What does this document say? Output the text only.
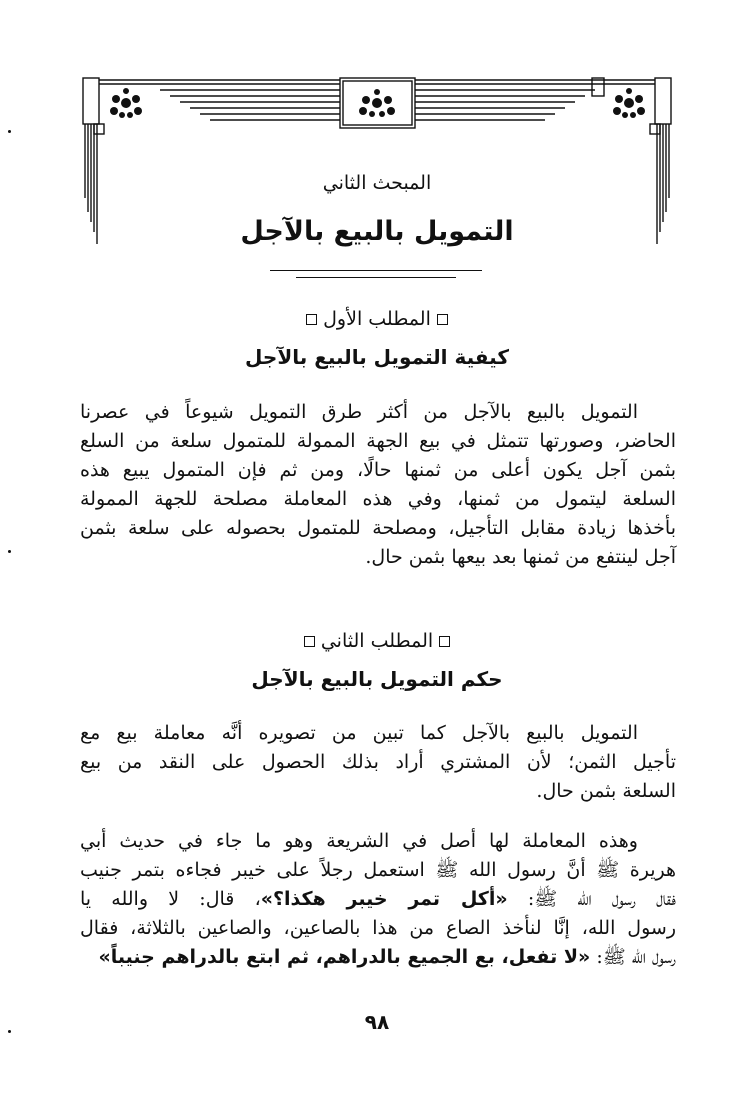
المبحث الثاني
التمويل بالبيع بالآجل
المطلب الأول
كيفية التمويل بالبيع بالآجل
التمويل بالبيع بالآجل من أكثر طرق التمويل شيوعاً في عصرنا
الحاضر، وصورتها تتمثل في بيع الجهة الممولة للمتمول سلعة من السلع
بثمن آجل يكون أعلى من ثمنها حالًا، ومن ثم فإن المتمول يبيع هذه
السلعة ليتمول من ثمنها، وفي هذه المعاملة مصلحة للجهة الممولة
بأخذها زيادة مقابل التأجيل، ومصلحة للمتمول بحصوله على سلعة بثمن
آجل لينتفع من ثمنها بعد بيعها بثمن حال.
المطلب الثاني
حكم التمويل بالبيع بالآجل
التمويل بالبيع بالآجل كما تبين من تصويره أنَّه معاملة بيع مع
تأجيل الثمن؛ لأن المشتري أراد بذلك الحصول على النقد من بيع
السلعة بثمن حال.
وهذه المعاملة لها أصل في الشريعة وهو ما جاء في حديث أبي
هريرة ﷺ أنَّ رسول الله ﷺ استعمل رجلاً على خيبر فجاءه بتمر جنيب
فقال رسول الله ﷺ: «أكل تمر خيبر هكذا؟»، قال: لا والله يا
رسول الله، إنَّا لنأخذ الصاع من هذا بالصاعين، والصاعين بالثلاثة، فقال
رسول الله ﷺ: «لا تفعل، بع الجميع بالدراهم، ثم ابتع بالدراهم جنيباً»
٩٨
